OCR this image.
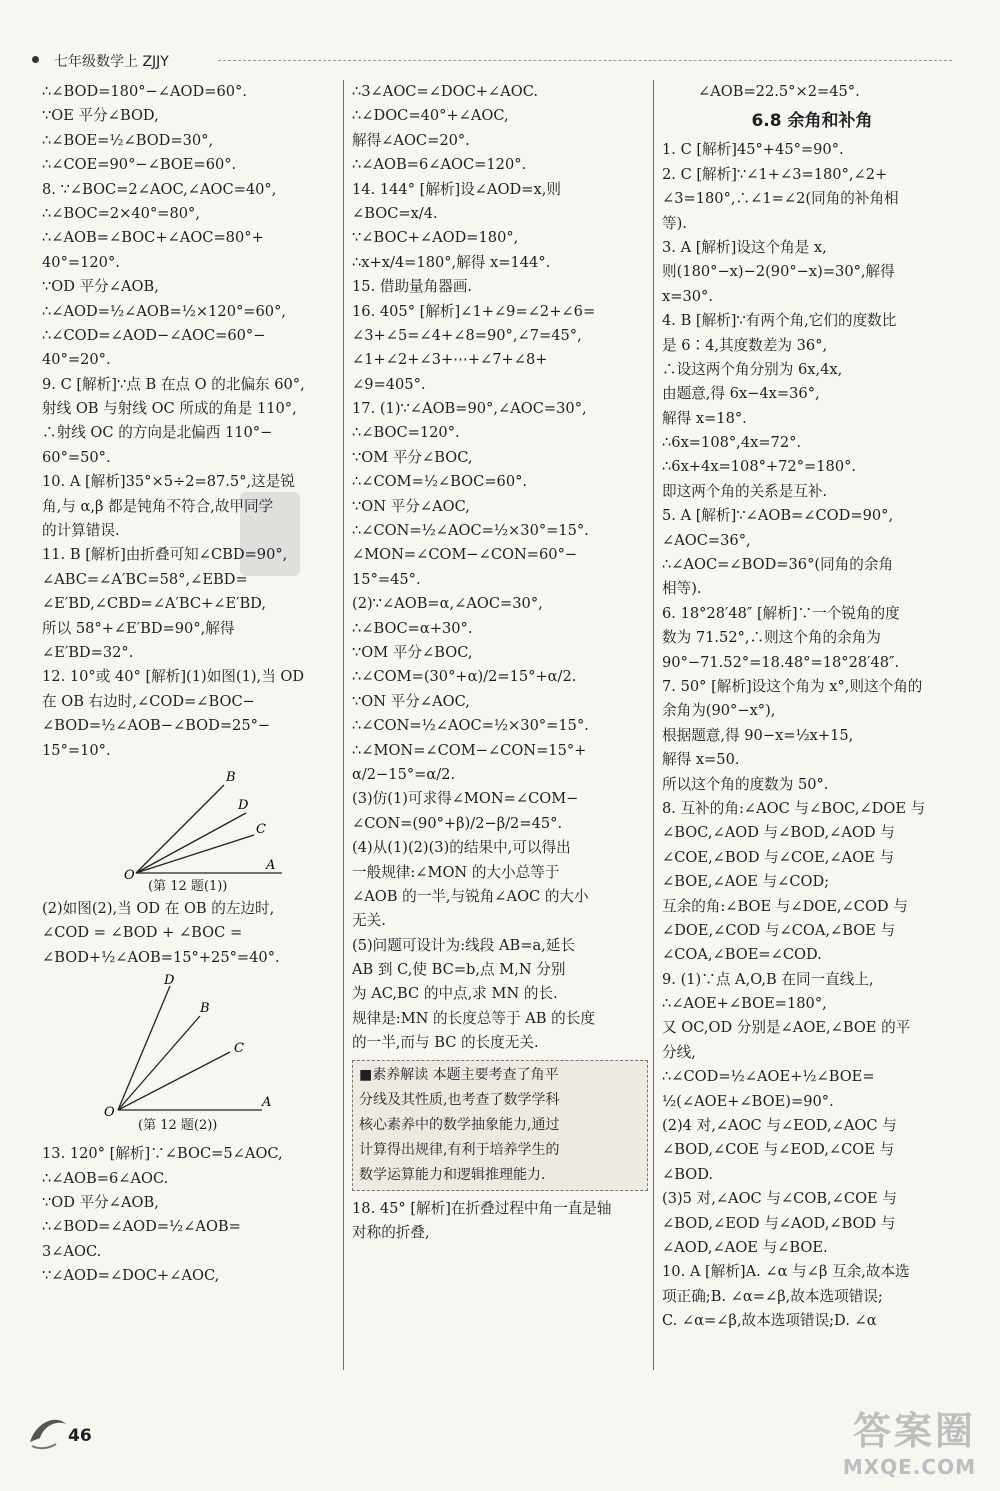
七年级数学上 ZJJY
∴∠BOD=180°−∠AOD=60°.
∵OE 平分∠BOD,
∴∠BOE=½∠BOD=30°,
∴∠COE=90°−∠BOE=60°.
8. ∵∠BOC=2∠AOC,∠AOC=40°,
∴∠BOC=2×40°=80°,
∴∠AOB=∠BOC+∠AOC=80°+
40°=120°.
∵OD 平分∠AOB,
∴∠AOD=½∠AOB=½×120°=60°,
∴∠COD=∠AOD−∠AOC=60°−
40°=20°.
9. C [解析]∵点 B 在点 O 的北偏东 60°,
射线 OB 与射线 OC 所成的角是 110°,
∴射线 OC 的方向是北偏西 110°−
60°=50°.
10. A [解析]35°×5÷2=87.5°,这是锐
角,与 α,β 都是钝角不符合,故甲同学
的计算错误.
11. B [解析]由折叠可知∠CBD=90°,
∠ABC=∠A′BC=58°,∠EBD=
∠E′BD,∠CBD=∠A′BC+∠E′BD,
所以 58°+∠E′BD=90°,解得
∠E′BD=32°.
12. 10°或 40° [解析](1)如图(1),当 OD
在 OB 右边时,∠COD=∠BOC−
∠BOD=½∠AOB−∠BOD=25°−
15°=10°.
B
D
C
O
A
(第 12 题(1))
(2)如图(2),当 OD 在 OB 的左边时,
∠COD = ∠BOD + ∠BOC =
∠BOD+½∠AOB=15°+25°=40°.
D
B
C
O
A
(第 12 题(2))
13. 120° [解析]∵∠BOC=5∠AOC,
∴∠AOB=6∠AOC.
∵OD 平分∠AOB,
∴∠BOD=∠AOD=½∠AOB=
3∠AOC.
∵∠AOD=∠DOC+∠AOC,
∴3∠AOC=∠DOC+∠AOC.
∴∠DOC=40°+∠AOC,
解得∠AOC=20°.
∴∠AOB=6∠AOC=120°.
14. 144° [解析]设∠AOD=x,则
∠BOC=x/4.
∵∠BOC+∠AOD=180°,
∴x+x/4=180°,解得 x=144°.
15. 借助量角器画.
16. 405° [解析]∠1+∠9=∠2+∠6=
∠3+∠5=∠4+∠8=90°,∠7=45°,
∠1+∠2+∠3+⋯+∠7+∠8+
∠9=405°.
17. (1)∵∠AOB=90°,∠AOC=30°,
∴∠BOC=120°.
∵OM 平分∠BOC,
∴∠COM=½∠BOC=60°.
∵ON 平分∠AOC,
∴∠CON=½∠AOC=½×30°=15°.
∠MON=∠COM−∠CON=60°−
15°=45°.
(2)∵∠AOB=α,∠AOC=30°,
∴∠BOC=α+30°.
∵OM 平分∠BOC,
∴∠COM=(30°+α)/2=15°+α/2.
∵ON 平分∠AOC,
∴∠CON=½∠AOC=½×30°=15°.
∴∠MON=∠COM−∠CON=15°+
α/2−15°=α/2.
(3)仿(1)可求得∠MON=∠COM−
∠CON=(90°+β)/2−β/2=45°.
(4)从(1)(2)(3)的结果中,可以得出
一般规律:∠MON 的大小总等于
∠AOB 的一半,与锐角∠AOC 的大小
无关.
(5)问题可设计为:线段 AB=a,延长
AB 到 C,使 BC=b,点 M,N 分别
为 AC,BC 的中点,求 MN 的长.
规律是:MN 的长度总等于 AB 的长度
的一半,而与 BC 的长度无关.
■素养解读 本题主要考查了角平
分线及其性质,也考查了数学学科
核心素养中的数学抽象能力,通过
计算得出规律,有利于培养学生的
数学运算能力和逻辑推理能力.
18. 45° [解析]在折叠过程中角一直是轴
对称的折叠,
∠AOB=22.5°×2=45°.
6.8 余角和补角
1. C [解析]45°+45°=90°.
2. C [解析]∵∠1+∠3=180°,∠2+
∠3=180°,∴∠1=∠2(同角的补角相
等).
3. A [解析]设这个角是 x,
则(180°−x)−2(90°−x)=30°,解得
x=30°.
4. B [解析]∵有两个角,它们的度数比
是 6∶4,其度数差为 36°,
∴设这两个角分别为 6x,4x,
由题意,得 6x−4x=36°,
解得 x=18°.
∴6x=108°,4x=72°.
∴6x+4x=108°+72°=180°.
即这两个角的关系是互补.
5. A [解析]∵∠AOB=∠COD=90°,
∠AOC=36°,
∴∠AOC=∠BOD=36°(同角的余角
相等).
6. 18°28′48″ [解析]∵一个锐角的度
数为 71.52°,∴则这个角的余角为
90°−71.52°=18.48°=18°28′48″.
7. 50° [解析]设这个角为 x°,则这个角的
余角为(90°−x°),
根据题意,得 90−x=½x+15,
解得 x=50.
所以这个角的度数为 50°.
8. 互补的角:∠AOC 与∠BOC,∠DOE 与
∠BOC,∠AOD 与∠BOD,∠AOD 与
∠COE,∠BOD 与∠COE,∠AOE 与
∠BOE,∠AOE 与∠COD;
互余的角:∠BOE 与∠DOE,∠COD 与
∠DOE,∠COD 与∠COA,∠BOE 与
∠COA,∠BOE=∠COD.
9. (1)∵点 A,O,B 在同一直线上,
∴∠AOE+∠BOE=180°,
又 OC,OD 分别是∠AOE,∠BOE 的平
分线,
∴∠COD=½∠AOE+½∠BOE=
½(∠AOE+∠BOE)=90°.
(2)4 对,∠AOC 与∠EOD,∠AOC 与
∠BOD,∠COE 与∠EOD,∠COE 与
∠BOD.
(3)5 对,∠AOC 与∠COB,∠COE 与
∠BOD,∠EOD 与∠AOD,∠BOD 与
∠AOD,∠AOE 与∠BOE.
10. A [解析]A. ∠α 与∠β 互余,故本选
项正确;B. ∠α=∠β,故本选项错误;
C. ∠α=∠β,故本选项错误;D. ∠α
46	答案圈
MXQE.COM
